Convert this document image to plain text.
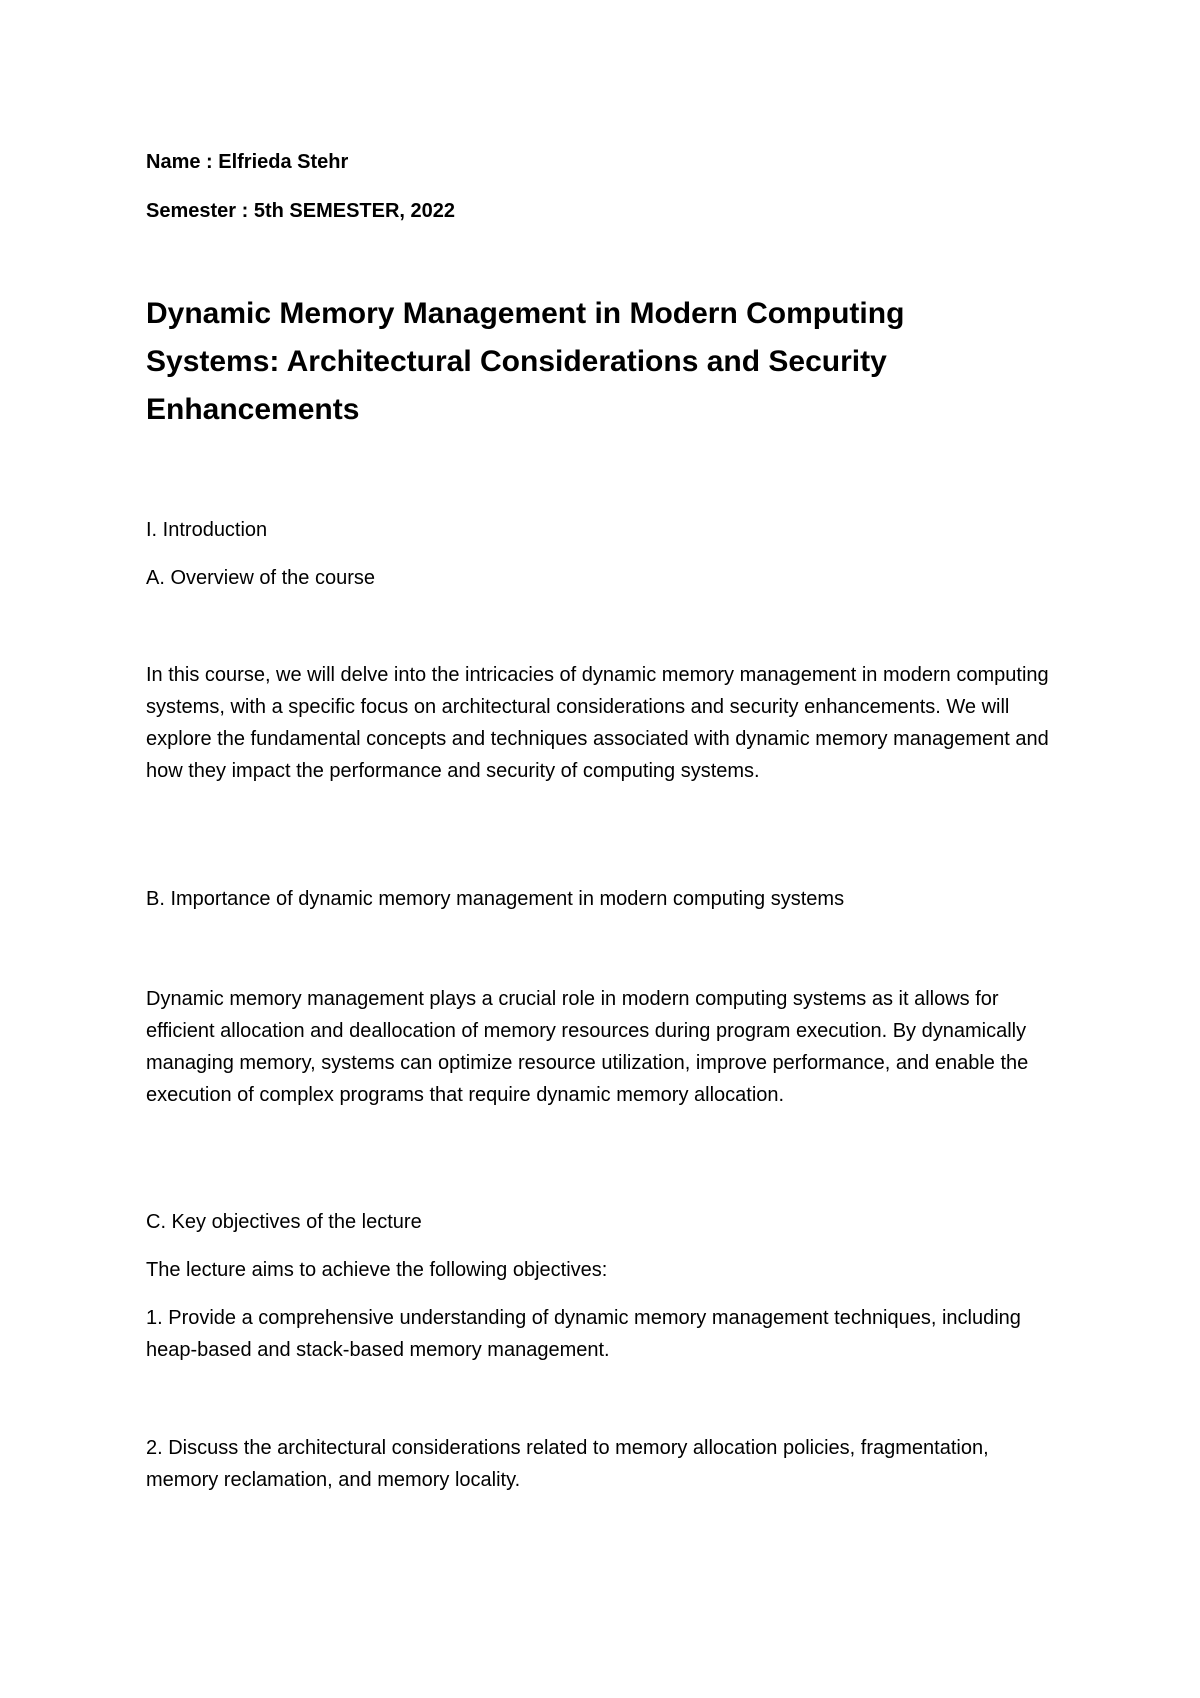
Name : Elfrieda Stehr
Semester : 5th SEMESTER, 2022
Dynamic Memory Management in Modern Computing
Systems: Architectural Considerations and Security
Enhancements
I. Introduction
A. Overview of the course
In this course, we will delve into the intricacies of dynamic memory management in modern computing systems, with a specific focus on architectural considerations and security enhancements. We will explore the fundamental concepts and techniques associated with dynamic memory management and how they impact the performance and security of computing systems.
B. Importance of dynamic memory management in modern computing systems
Dynamic memory management plays a crucial role in modern computing systems as it allows for efficient allocation and deallocation of memory resources during program execution. By dynamically managing memory, systems can optimize resource utilization, improve performance, and enable the execution of complex programs that require dynamic memory allocation.
C. Key objectives of the lecture
The lecture aims to achieve the following objectives:
1. Provide a comprehensive understanding of dynamic memory management techniques, including heap-based and stack-based memory management.
2. Discuss the architectural considerations related to memory allocation policies, fragmentation, memory reclamation, and memory locality.
